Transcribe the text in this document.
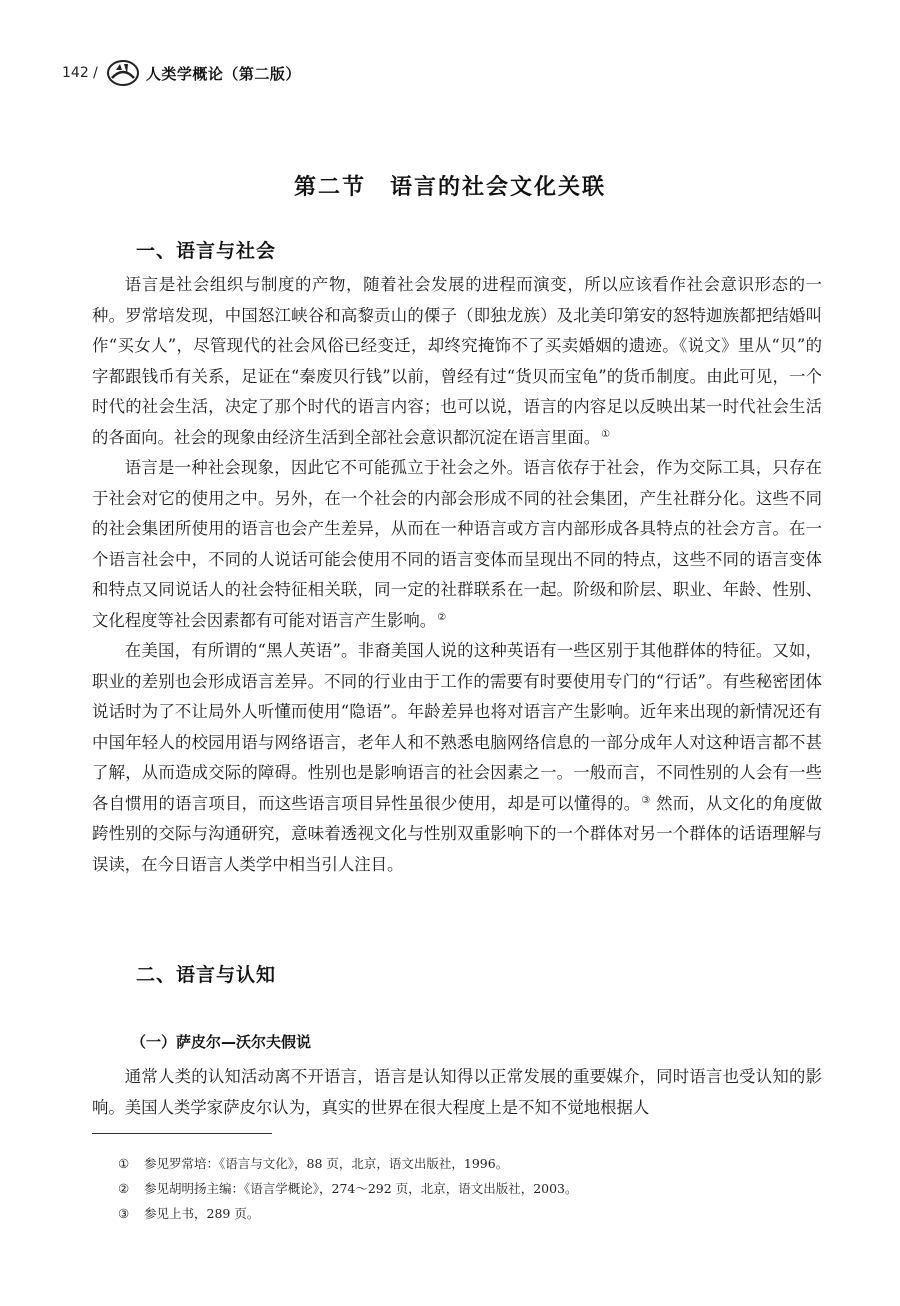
142 /	人类学概论（第二版）
第二节　语言的社会文化关联
一、语言与社会

语言是社会组织与制度的产物，随着社会发展的进程而演变，所以应该看作社会意识形态的一种。罗常培发现，中国怒江峡谷和高黎贡山的傈子（即独龙族）及北美印第安的怒特迦族都把结婚叫作“买女人”，尽管现代的社会风俗已经变迁，却终究掩饰不了买卖婚姻的遗迹。《说文》里从“贝”的字都跟钱币有关系，足证在“秦废贝行钱”以前，曾经有过“货贝而宝龟”的货币制度。由此可见，一个时代的社会生活，决定了那个时代的语言内容；也可以说，语言的内容足以反映出某一时代社会生活的各面向。社会的现象由经济生活到全部社会意识都沉淀在语言里面。①

语言是一种社会现象，因此它不可能孤立于社会之外。语言依存于社会，作为交际工具，只存在于社会对它的使用之中。另外，在一个社会的内部会形成不同的社会集团，产生社群分化。这些不同的社会集团所使用的语言也会产生差异，从而在一种语言或方言内部形成各具特点的社会方言。在一个语言社会中，不同的人说话可能会使用不同的语言变体而呈现出不同的特点，这些不同的语言变体和特点又同说话人的社会特征相关联，同一定的社群联系在一起。阶级和阶层、职业、年龄、性别、文化程度等社会因素都有可能对语言产生影响。②

在美国，有所谓的“黑人英语”。非裔美国人说的这种英语有一些区别于其他群体的特征。又如，职业的差别也会形成语言差异。不同的行业由于工作的需要有时要使用专门的“行话”。有些秘密团体说话时为了不让局外人听懂而使用“隐语”。年龄差异也将对语言产生影响。近年来出现的新情况还有中国年轻人的校园用语与网络语言，老年人和不熟悉电脑网络信息的一部分成年人对这种语言都不甚了解，从而造成交际的障碍。性别也是影响语言的社会因素之一。一般而言，不同性别的人会有一些各自惯用的语言项目，而这些语言项目异性虽很少使用，却是可以懂得的。③ 然而，从文化的角度做跨性别的交际与沟通研究，意味着透视文化与性别双重影响下的一个群体对另一个群体的话语理解与误读，在今日语言人类学中相当引人注目。

二、语言与认知
（一）萨皮尔—沃尔夫假说

通常人类的认知活动离不开语言，语言是认知得以正常发展的重要媒介，同时语言也受认知的影响。美国人类学家萨皮尔认为，真实的世界在很大程度上是不知不觉地根据人

①	参见罗常培：《语言与文化》，88 页，北京，语文出版社，1996。
②	参见胡明扬主编：《语言学概论》，274～292 页，北京，语文出版社，2003。
③	参见上书，289 页。
